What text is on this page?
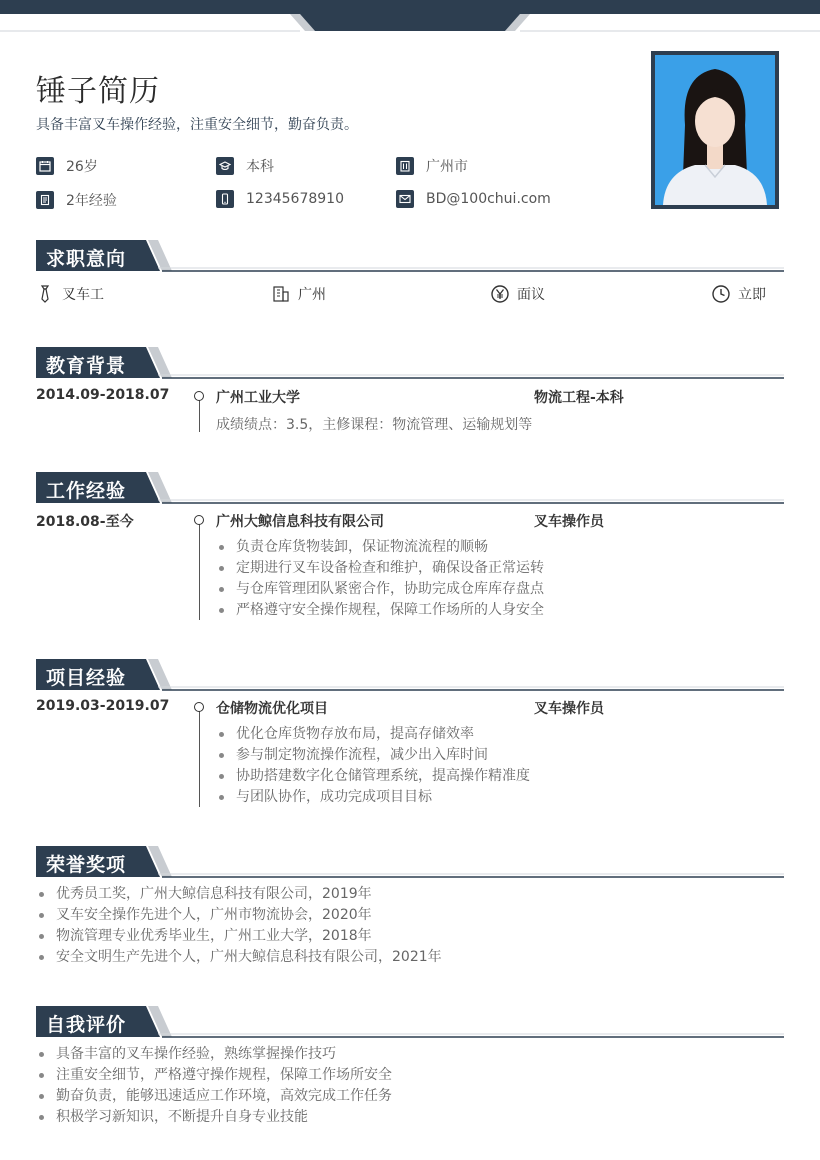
锤子简历
具备丰富叉车操作经验，注重安全细节，勤奋负责。
26岁	本科	广州市
2年经验	12345678910	BD@100chui.com
求职意向
叉车工	广州	面议	立即
教育背景
2014.09-2018.07	广州工业大学	物流工程-本科
成绩绩点：3.5，主修课程：物流管理、运输规划等
工作经验
2018.08-至今	广州大鲸信息科技有限公司	叉车操作员
负责仓库货物装卸，保证物流流程的顺畅
定期进行叉车设备检查和维护，确保设备正常运转
与仓库管理团队紧密合作，协助完成仓库库存盘点
严格遵守安全操作规程，保障工作场所的人身安全
项目经验
2019.03-2019.07	仓储物流优化项目	叉车操作员
优化仓库货物存放布局，提高存储效率
参与制定物流操作流程，减少出入库时间
协助搭建数字化仓储管理系统，提高操作精准度
与团队协作，成功完成项目目标
荣誉奖项
优秀员工奖，广州大鲸信息科技有限公司，2019年
叉车安全操作先进个人，广州市物流协会，2020年
物流管理专业优秀毕业生，广州工业大学，2018年
安全文明生产先进个人，广州大鲸信息科技有限公司，2021年
自我评价
具备丰富的叉车操作经验，熟练掌握操作技巧
注重安全细节，严格遵守操作规程，保障工作场所安全
勤奋负责，能够迅速适应工作环境，高效完成工作任务
积极学习新知识，不断提升自身专业技能
